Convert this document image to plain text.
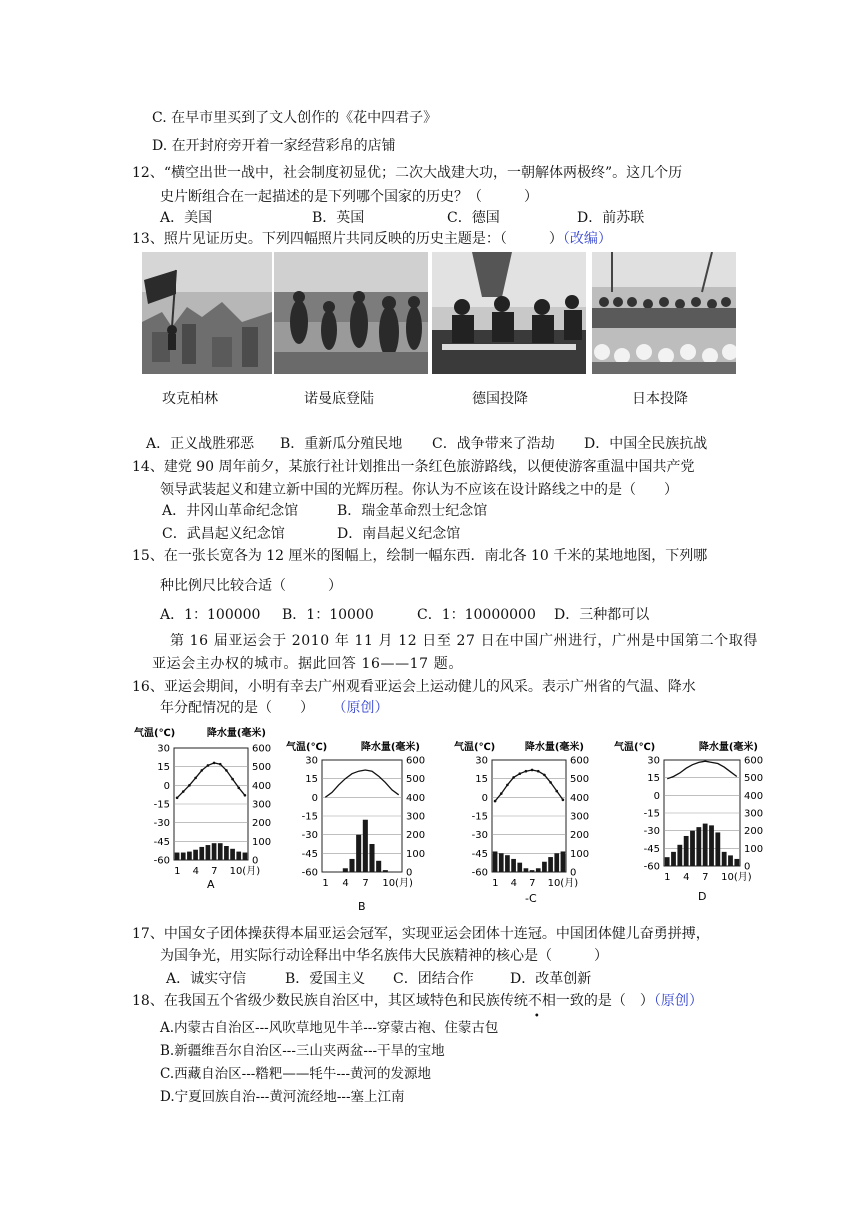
C. 在早市里买到了文人创作的《花中四君子》
D. 在开封府旁开着一家经营彩帛的店铺
12、“横空出世一战中，社会制度初显优；二次大战建大功，一朝解体两极终”。这几个历
史片断组合在一起描述的是下列哪个国家的历史？（　　　）
A．美国	B．英国	C．德国	D．前苏联
13、照片见证历史。下列四幅照片共同反映的历史主题是：（　　　）（改编）
攻克柏林	诺曼底登陆	德国投降	日本投降
A．正义战胜邪恶 B．重新瓜分殖民地 C．战争带来了浩劫 D．中国全民族抗战
14、建党 90 周年前夕，某旅行社计划推出一条红色旅游路线，以便使游客重温中国共产党
领导武装起义和建立新中国的光辉历程。你认为不应该在设计路线之中的是（　　）
A．井冈山革命纪念馆	B．瑞金革命烈士纪念馆
C．武昌起义纪念馆	D．南昌起义纪念馆
15、在一张长宽各为 12 厘米的图幅上，绘制一幅东西．南北各 10 千米的某地地图，下列哪
种比例尺比较合适（　　　）
A．1：100000 B．1：10000	C．1：10000000 D．三种都可以
第 16 届亚运会于 2010 年 11 月 12 日至 27 日在中国广州进行，广州是中国第二个取得
亚运会主办权的城市。据此回答 16——17 题。
16、亚运会期间，小明有幸去广州观看亚运会上运动健儿的风采。表示广州省的气温、降水
年分配情况的是（　　） （原创）
气温(℃)	降水量(毫米)
30	600
15	500
0	400
-15	300
-30	200
-45	100
-60	0
1 4 7 10(月)
A
气温(℃)	降水量(毫米)
30	600
15	500
0	400
-15	300
-30	200
-45	100
-60	0
1 4 7 10(月)
B
气温(℃)	降水量(毫米)
30	600
15	500
0	400
-15	300
-30	200
-45	100
-60	0
1 4 7 10(月)
-C
气温(℃)	降水量(毫米)
30	600
15	500
0	400
-15	300
-30	200
-45	100
-60	0
1 4 7 10(月)
D
17、中国女子团体操获得本届亚运会冠军，实现亚运会团体十连冠。中国团体健儿奋勇拼搏，
为国争光，用实际行动诠释出中华名族伟大民族精神的核心是（　　　）
A．诚实守信	B．爱国主义 C．团结合作	D．改革创新
18、在我国五个省级少数民族自治区中，其区域特色和民族传统不
•
相一致的是（　）（原创）
A.内蒙古自治区---风吹草地见牛羊---穿蒙古袍、住蒙古包
B.新疆维吾尔自治区---三山夹两盆---干旱的宝地
C.西藏自治区---糌粑——牦牛---黄河的发源地
D.宁夏回族自治---黄河流经地---塞上江南
